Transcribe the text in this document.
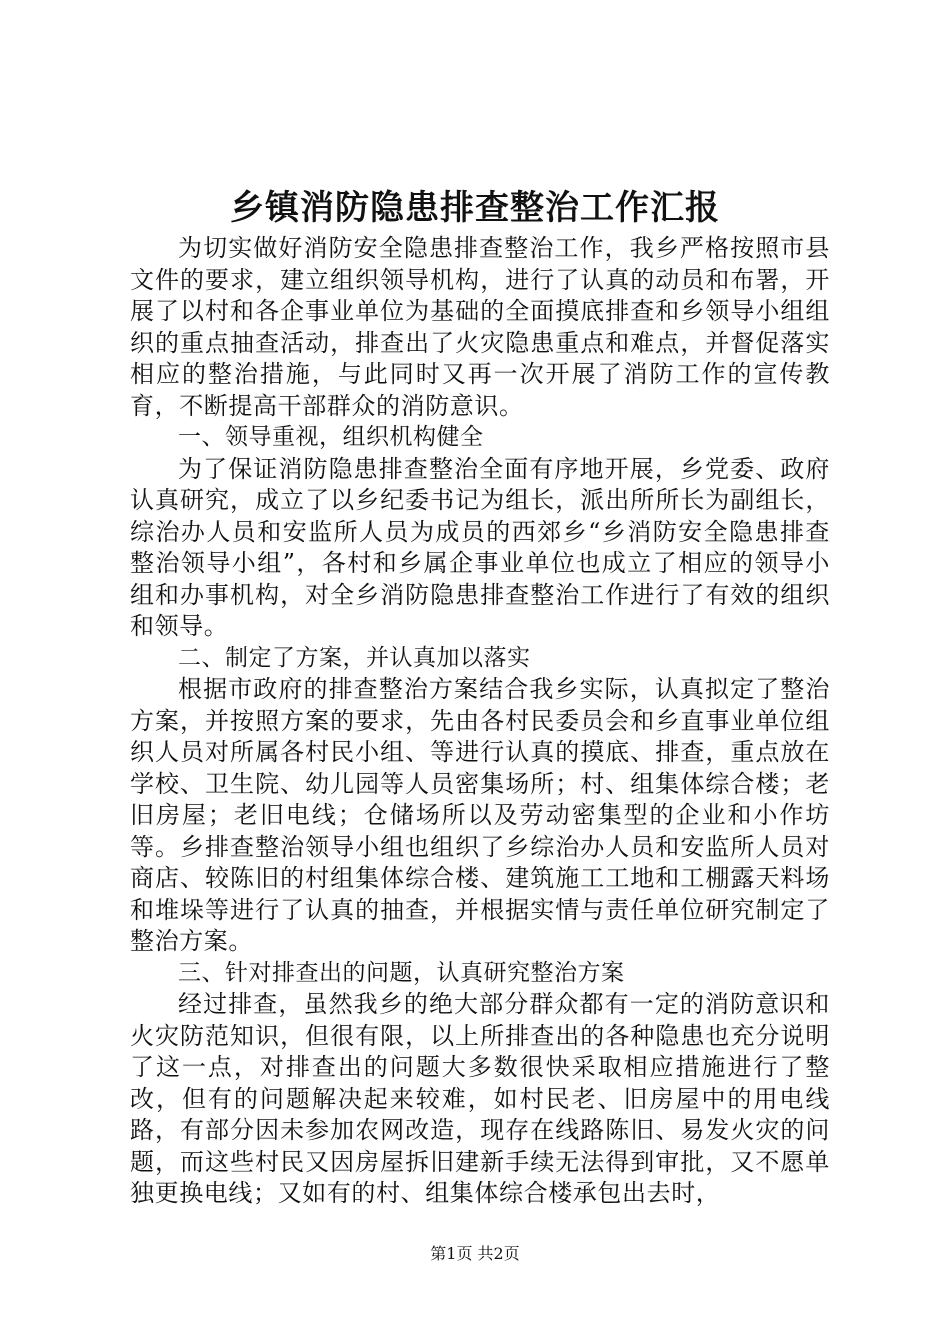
乡镇消防隐患排查整治工作汇报

为切实做好消防安全隐患排查整治工作，我乡严格按照市县文件的要求，建立组织领导机构，进行了认真的动员和布署，开展了以村和各企事业单位为基础的全面摸底排查和乡领导小组组织的重点抽查活动，排查出了火灾隐患重点和难点，并督促落实相应的整治措施，与此同时又再一次开展了消防工作的宣传教育，不断提高干部群众的消防意识。

一、领导重视，组织机构健全

为了保证消防隐患排查整治全面有序地开展，乡党委、政府认真研究，成立了以乡纪委书记为组长，派出所所长为副组长，综治办人员和安监所人员为成员的西郊乡“乡消防安全隐患排查整治领导小组”，各村和乡属企事业单位也成立了相应的领导小组和办事机构，对全乡消防隐患排查整治工作进行了有效的组织和领导。

二、制定了方案，并认真加以落实

根据市政府的排查整治方案结合我乡实际，认真拟定了整治方案，并按照方案的要求，先由各村民委员会和乡直事业单位组织人员对所属各村民小组、等进行认真的摸底、排查，重点放在学校、卫生院、幼儿园等人员密集场所；村、组集体综合楼；老旧房屋；老旧电线；仓储场所以及劳动密集型的企业和小作坊等。乡排查整治领导小组也组织了乡综治办人员和安监所人员对商店、较陈旧的村组集体综合楼、建筑施工工地和工棚露天料场和堆垛等进行了认真的抽查，并根据实情与责任单位研究制定了整治方案。

三、针对排查出的问题，认真研究整治方案

经过排查，虽然我乡的绝大部分群众都有一定的消防意识和火灾防范知识，但很有限，以上所排查出的各种隐患也充分说明了这一点，对排查出的问题大多数很快采取相应措施进行了整改，但有的问题解决起来较难，如村民老、旧房屋中的用电线路，有部分因未参加农网改造，现存在线路陈旧、易发火灾的问题，而这些村民又因房屋拆旧建新手续无法得到审批，又不愿单独更换电线；又如有的村、组集体综合楼承包出去时，

第1页 共2页
